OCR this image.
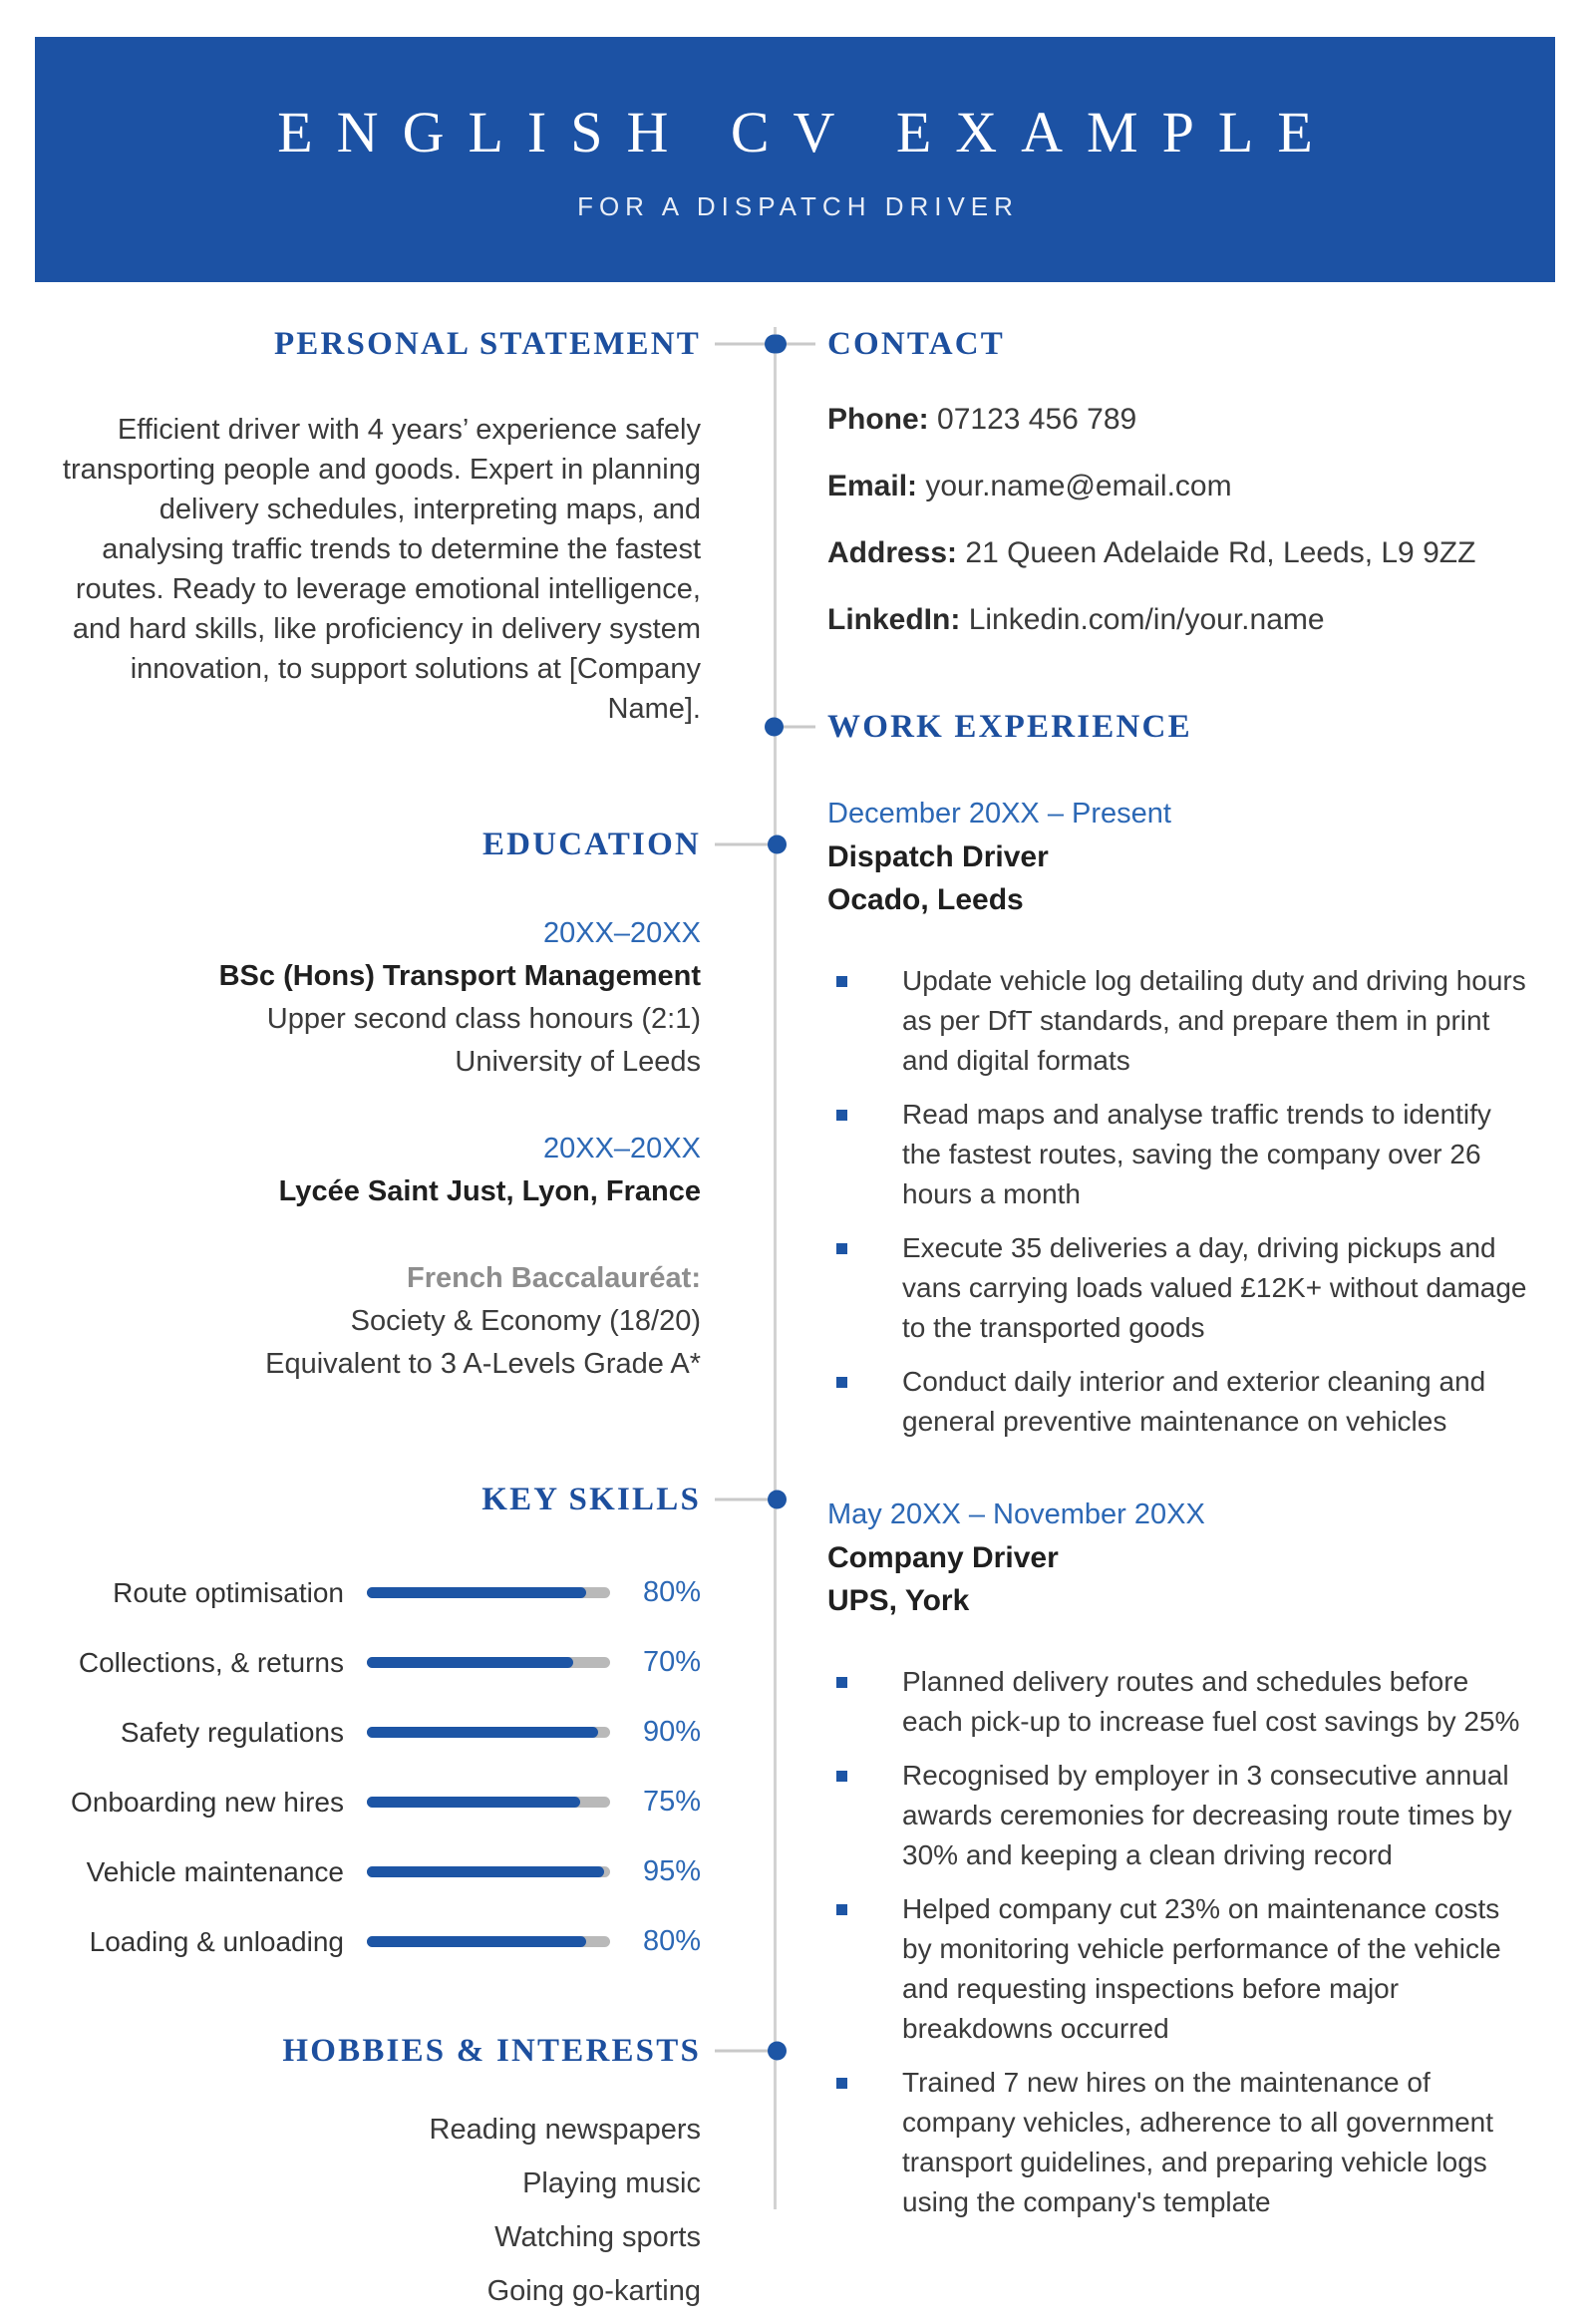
ENGLISH CV EXAMPLE
FOR A DISPATCH DRIVER
PERSONAL STATEMENT

Efficient driver with 4 years’ experience safely transporting people and goods. Expert in planning delivery schedules, interpreting maps, and analysing traffic trends to determine the fastest routes. Ready to leverage emotional intelligence, and hard skills, like proficiency in delivery system innovation, to support solutions at [Company Name].

EDUCATION
20XX–20XX
BSc (Hons) Transport Management
Upper second class honours (2:1)
University of Leeds
20XX–20XX
Lycée Saint Just, Lyon, France
French Baccalauréat:
Society & Economy (18/20)
Equivalent to 3 A-Levels Grade A*
KEY SKILLS
Route optimisation	80%
Collections, & returns	70%
Safety regulations	90%
Onboarding new hires	75%
Vehicle maintenance	95%
Loading & unloading	80%
HOBBIES & INTERESTS
Reading newspapers
Playing music
Watching sports
Going go-karting
CONTACT
Phone: 07123 456 789
Email: your.name@email.com
Address: 21 Queen Adelaide Rd, Leeds, L9 9ZZ
LinkedIn: Linkedin.com/in/your.name
WORK EXPERIENCE
December 20XX – Present
Dispatch Driver
Ocado, Leeds
Update vehicle log detailing duty and driving hours as per DfT standards, and prepare them in print and digital formats
Read maps and analyse traffic trends to identify the fastest routes, saving the company over 26 hours a month
Execute 35 deliveries a day, driving pickups and vans carrying loads valued £12K+ without damage to the transported goods
Conduct daily interior and exterior cleaning and general preventive maintenance on vehicles
May 20XX – November 20XX
Company Driver
UPS, York
Planned delivery routes and schedules before each pick-up to increase fuel cost savings by 25%
Recognised by employer in 3 consecutive annual awards ceremonies for decreasing route times by 30% and keeping a clean driving record
Helped company cut 23% on maintenance costs by monitoring vehicle performance of the vehicle and requesting inspections before major breakdowns occurred
Trained 7 new hires on the maintenance of company vehicles, adherence to all government transport guidelines, and preparing vehicle logs using the company's template
